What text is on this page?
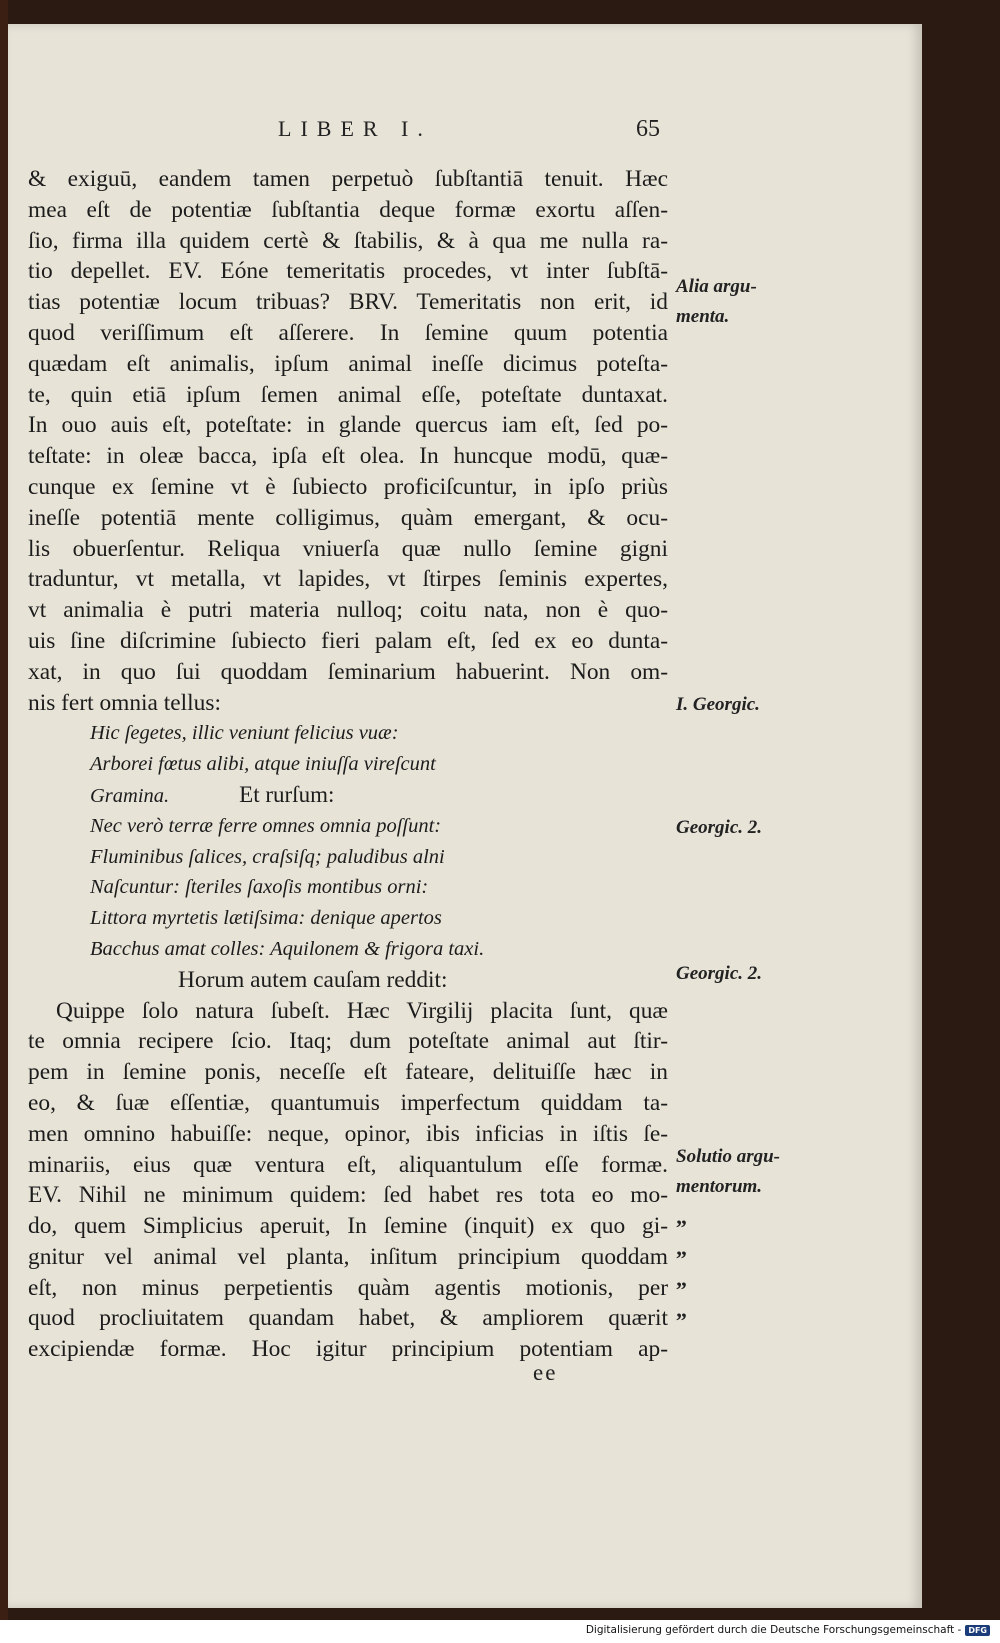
LIBER I.	65
& exiguū, eandem tamen perpetuò ſubſtantiā tenuit. Hæc
mea eſt de potentiæ ſubſtantia deque formæ exortu aſſen-
ſio, firma illa quidem certè & ſtabilis, & à qua me nulla ra-
tio depellet. EV. Eóne temeritatis procedes, vt inter ſubſtā-
tias potentiæ locum tribuas? BRV. Temeritatis non erit, id
quod veriſſimum eſt aſſerere. In ſemine quum potentia
quædam eſt animalis, ipſum animal ineſſe dicimus poteſta-
te, quin etiā ipſum ſemen animal eſſe, poteſtate duntaxat.
In ouo auis eſt, poteſtate: in glande quercus iam eſt, ſed po-
teſtate: in oleæ bacca, ipſa eſt olea. In huncque modū, quæ-
cunque ex ſemine vt è ſubiecto proficiſcuntur, in ipſo priùs
ineſſe potentiā mente colligimus, quàm emergant, & ocu-
lis obuerſentur. Reliqua vniuerſa quæ nullo ſemine gigni
traduntur, vt metalla, vt lapides, vt ſtirpes ſeminis expertes,
vt animalia è putri materia nulloq; coitu nata, non è quo-
uis ſine diſcrimine ſubiecto fieri palam eſt, ſed ex eo dunta-
xat, in quo ſui quoddam ſeminarium habuerint. Non om-
nis fert omnia tellus:
Hic ſegetes, illic veniunt felicius vuæ:
Arborei fœtus alibi, atque iniuſſa vireſcunt
Gramina.	Et rurſum:
Nec verò terræ ferre omnes omnia poſſunt:
Fluminibus ſalices, craſsiſq; paludibus alni
Naſcuntur: ſteriles ſaxoſis montibus orni:
Littora myrtetis lætiſsima: denique apertos
Bacchus amat colles: Aquilonem & frigora taxi.
Horum autem cauſam reddit:
Quippe ſolo natura ſubeſt. Hæc Virgilij placita ſunt, quæ
te omnia recipere ſcio. Itaq; dum poteſtate animal aut ſtir-
pem in ſemine ponis, neceſſe eſt fateare, delituiſſe hæc in
eo, & ſuæ eſſentiæ, quantumuis imperfectum quiddam ta-
men omnino habuiſſe: neque, opinor, ibis inficias in iſtis ſe-
minariis, eius quæ ventura eſt, aliquantulum eſſe formæ.
EV. Nihil ne minimum quidem: ſed habet res tota eo mo-
do, quem Simplicius aperuit, In ſemine (inquit) ex quo gi-
gnitur vel animal vel planta, inſitum principium quoddam
eſt, non minus perpetientis quàm agentis motionis, per
quod procliuitatem quandam habet, & ampliorem quærit
excipiendæ formæ. Hoc igitur principium potentiam ap-
Alia argu-
menta.
I. Georgic.
Georgic. 2.
Georgic. 2.
Solutio argu-
mentorum.
„
„
„
„
ee
Digitalisierung gefördert durch die Deutsche Forschungsgemeinschaft - DFG
